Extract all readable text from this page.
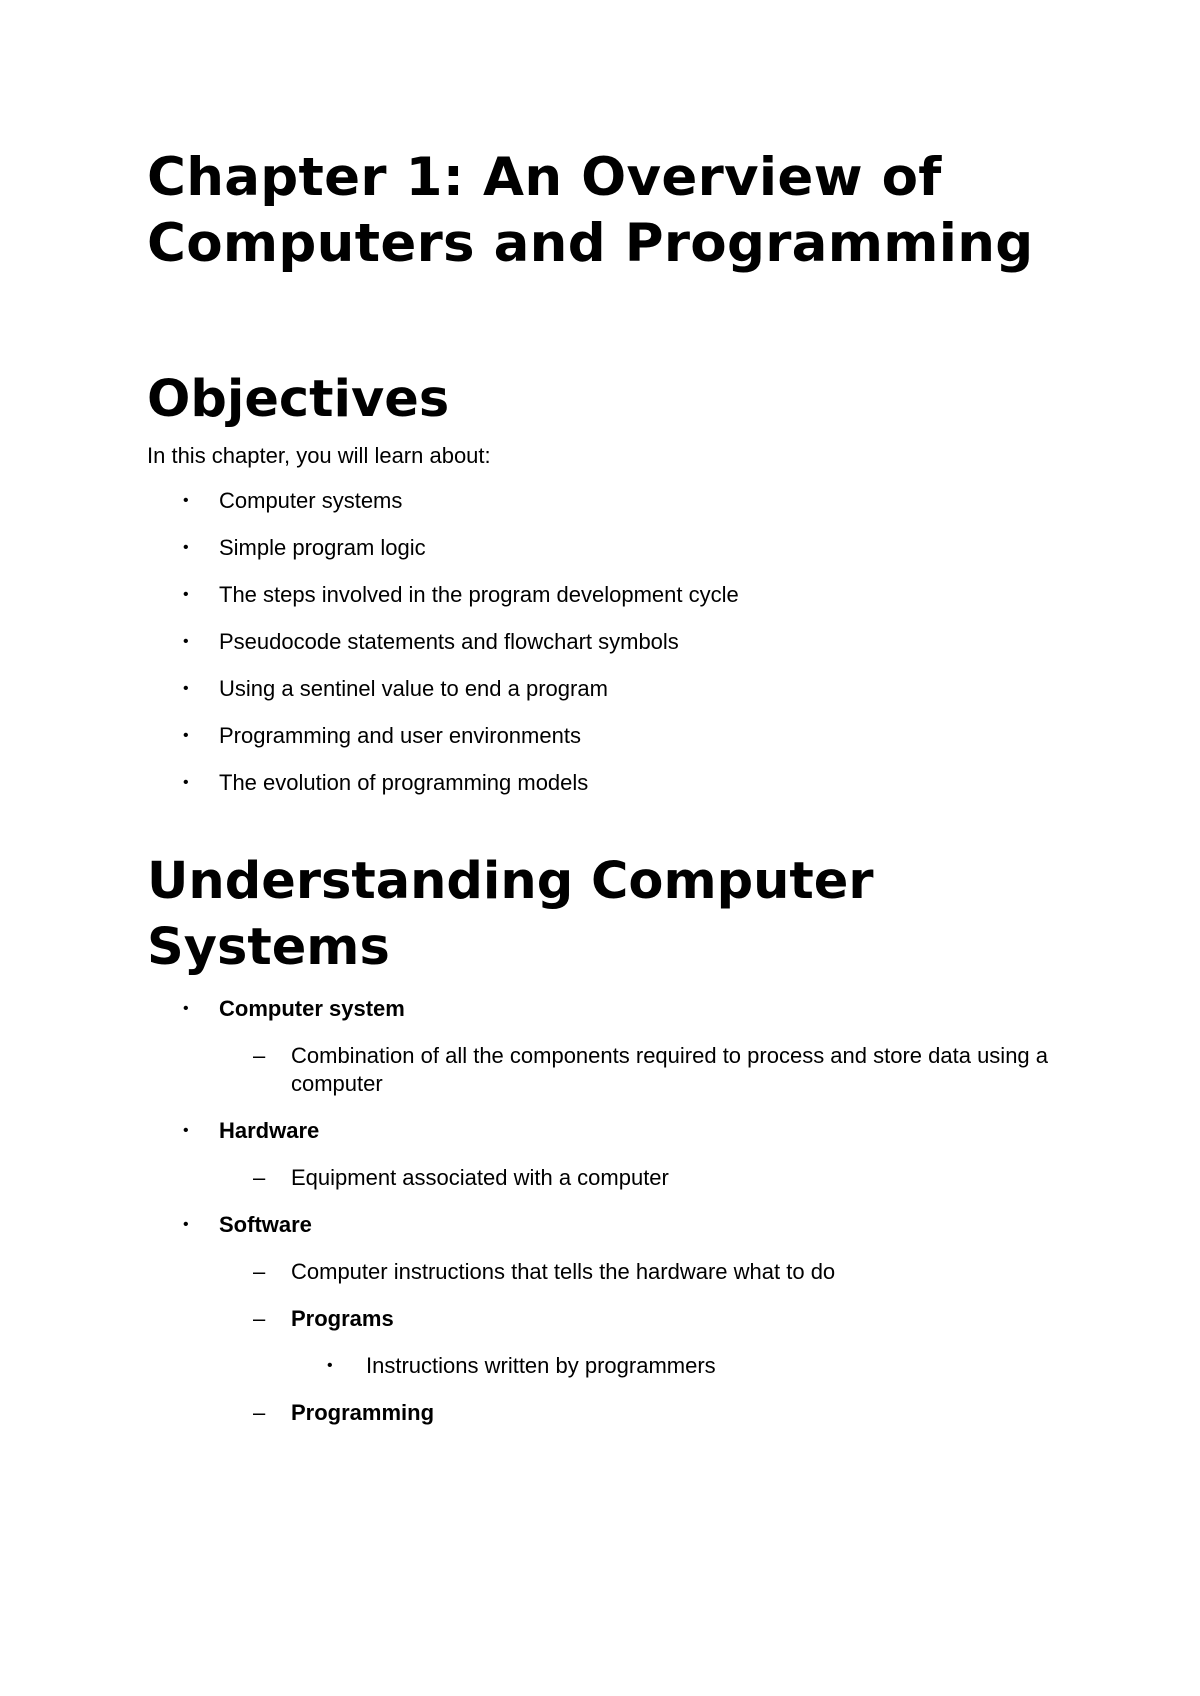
Chapter 1: An Overview of Computers and Programming
Objectives

In this chapter, you will learn about:

•	Computer systems
•	Simple program logic
•	The steps involved in the program development cycle
•	Pseudocode statements and flowchart symbols
•	Using a sentinel value to end a program
•	Programming and user environments
•	The evolution of programming models
Understanding Computer Systems
•	Computer system
–	Combination of all the components required to process and store data using a computer
•	Hardware
–	Equipment associated with a computer
•	Software
–	Computer instructions that tells the hardware what to do
–	Programs
•	Instructions written by programmers
–	Programming
